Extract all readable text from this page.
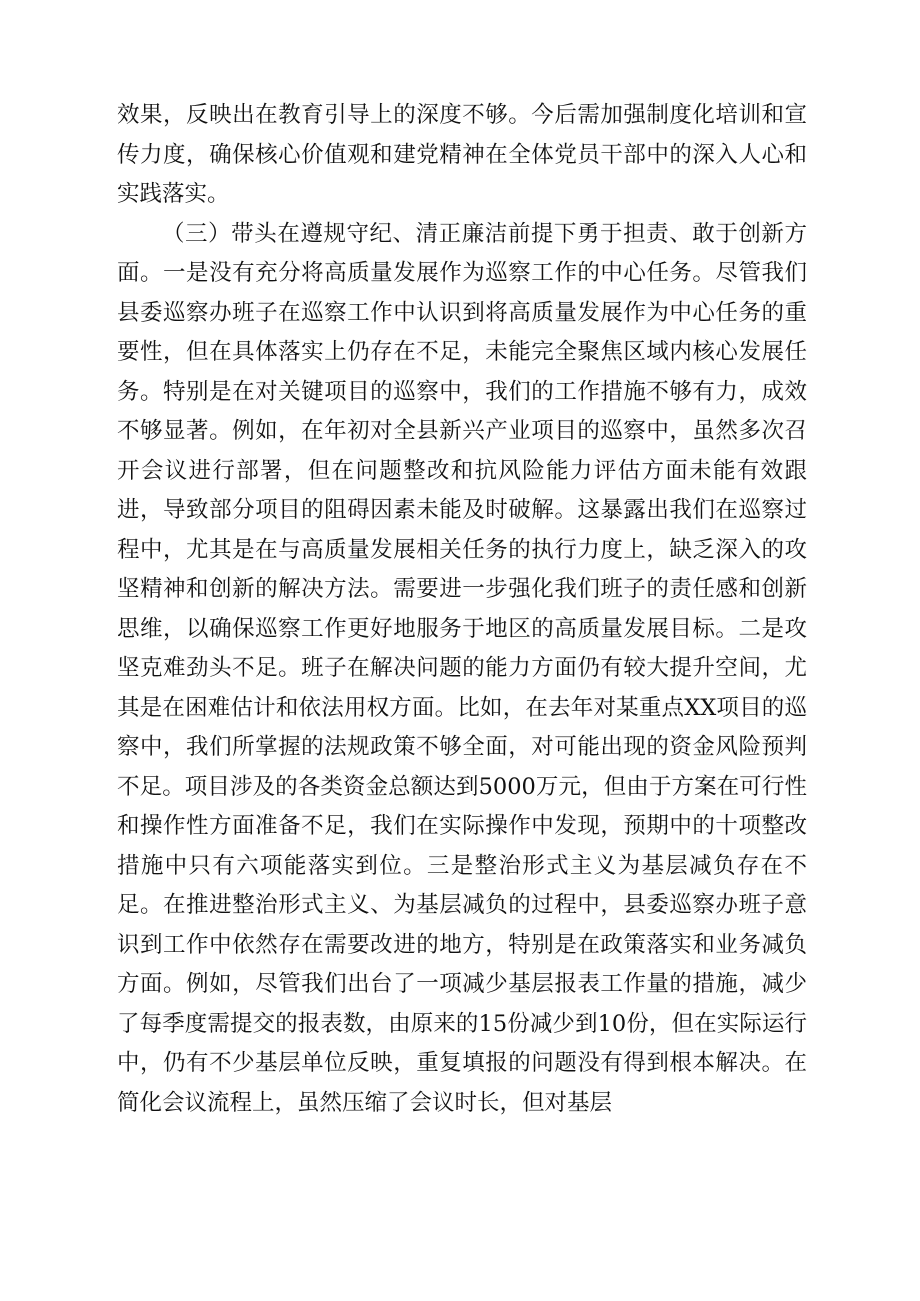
效果，反映出在教育引导上的深度不够。今后需加强制度化培训和宣传力度，确保核心价值观和建党精神在全体党员干部中的深入人心和实践落实。

（三）带头在遵规守纪、清正廉洁前提下勇于担责、敢于创新方面。一是没有充分将高质量发展作为巡察工作的中心任务。尽管我们县委巡察办班子在巡察工作中认识到将高质量发展作为中心任务的重要性，但在具体落实上仍存在不足，未能完全聚焦区域内核心发展任务。特别是在对关键项目的巡察中，我们的工作措施不够有力，成效不够显著。例如，在年初对全县新兴产业项目的巡察中，虽然多次召开会议进行部署，但在问题整改和抗风险能力评估方面未能有效跟进，导致部分项目的阻碍因素未能及时破解。这暴露出我们在巡察过程中，尤其是在与高质量发展相关任务的执行力度上，缺乏深入的攻坚精神和创新的解决方法。需要进一步强化我们班子的责任感和创新思维，以确保巡察工作更好地服务于地区的高质量发展目标。二是攻坚克难劲头不足。班子在解决问题的能力方面仍有较大提升空间，尤其是在困难估计和依法用权方面。比如，在去年对某重点XX项目的巡察中，我们所掌握的法规政策不够全面，对可能出现的资金风险预判不足。项目涉及的各类资金总额达到5000万元，但由于方案在可行性和操作性方面准备不足，我们在实际操作中发现，预期中的十项整改措施中只有六项能落实到位。三是整治形式主义为基层减负存在不足。在推进整治形式主义、为基层减负的过程中，县委巡察办班子意识到工作中依然存在需要改进的地方，特别是在政策落实和业务减负方面。例如，尽管我们出台了一项减少基层报表工作量的措施，减少了每季度需提交的报表数，由原来的15份减少到10份，但在实际运行中，仍有不少基层单位反映，重复填报的问题没有得到根本解决。在简化会议流程上，虽然压缩了会议时长，但对基层
